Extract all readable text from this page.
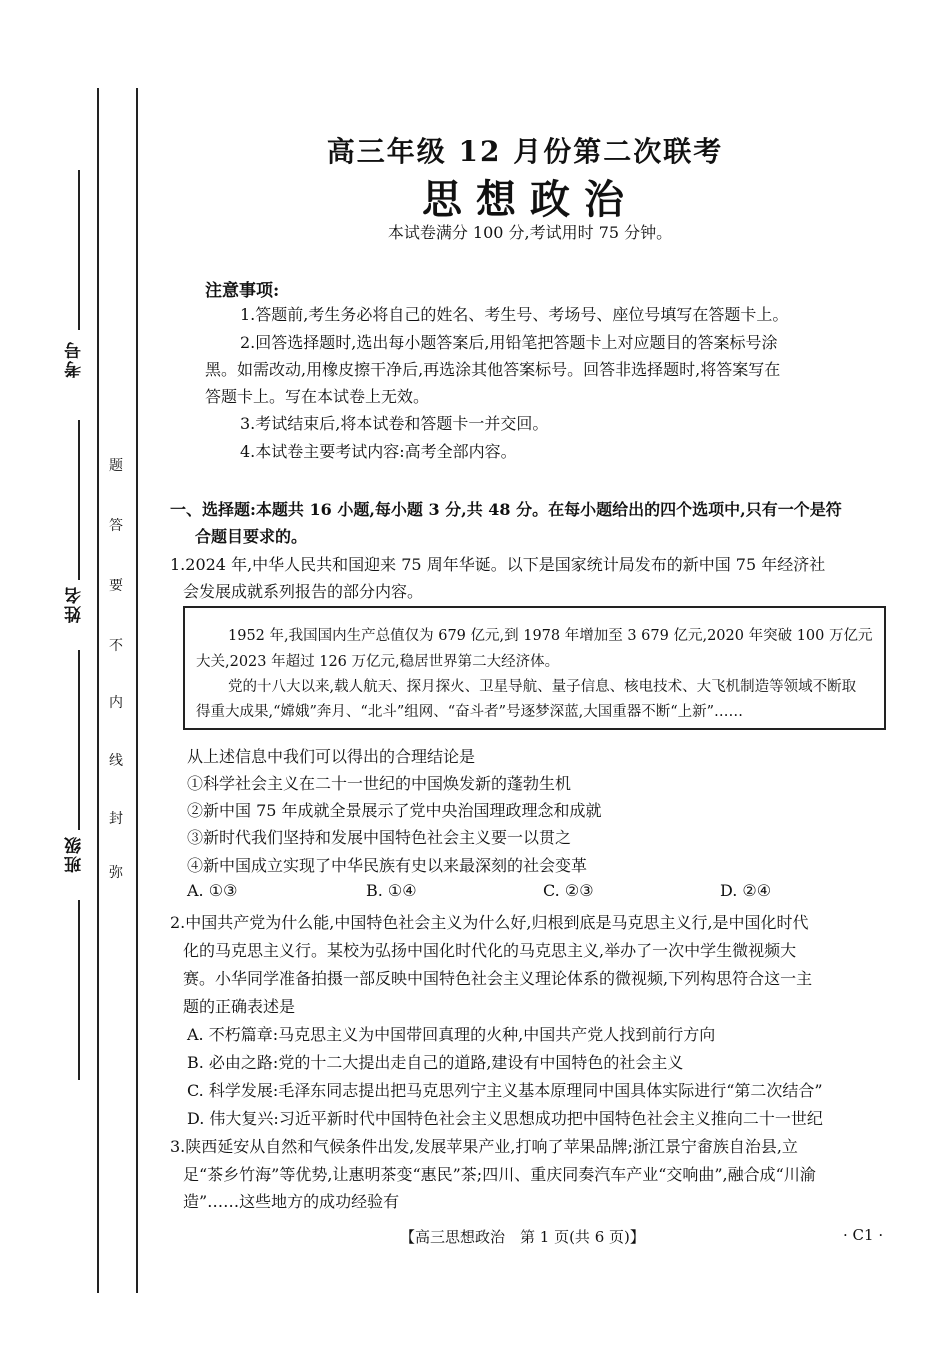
考号
姓名
班级
题
答
要
不
内
线
封
弥
高三年级 12 月份第二次联考
思想政治
本试卷满分 100 分,考试用时 75 分钟。
注意事项:
1.答题前,考生务必将自己的姓名、考生号、考场号、座位号填写在答题卡上。
2.回答选择题时,选出每小题答案后,用铅笔把答题卡上对应题目的答案标号涂
黑。如需改动,用橡皮擦干净后,再选涂其他答案标号。回答非选择题时,将答案写在
答题卡上。写在本试卷上无效。
3.考试结束后,将本试卷和答题卡一并交回。
4.本试卷主要考试内容:高考全部内容。
一、选择题:本题共 16 小题,每小题 3 分,共 48 分。在每小题给出的四个选项中,只有一个是符
合题目要求的。
1.2024 年,中华人民共和国迎来 75 周年华诞。以下是国家统计局发布的新中国 75 年经济社
会发展成就系列报告的部分内容。
1952 年,我国国内生产总值仅为 679 亿元,到 1978 年增加至 3 679 亿元,2020 年突破 100 万亿元
大关,2023 年超过 126 万亿元,稳居世界第二大经济体。
党的十八大以来,载人航天、探月探火、卫星导航、量子信息、核电技术、大飞机制造等领域不断取
得重大成果,“嫦娥”奔月、“北斗”组网、“奋斗者”号逐梦深蓝,大国重器不断“上新”……
从上述信息中我们可以得出的合理结论是
①科学社会主义在二十一世纪的中国焕发新的蓬勃生机
②新中国 75 年成就全景展示了党中央治国理政理念和成就
③新时代我们坚持和发展中国特色社会主义要一以贯之
④新中国成立实现了中华民族有史以来最深刻的社会变革
A. ①③	B. ①④	C. ②③	D. ②④
2.中国共产党为什么能,中国特色社会主义为什么好,归根到底是马克思主义行,是中国化时代
化的马克思主义行。某校为弘扬中国化时代化的马克思主义,举办了一次中学生微视频大
赛。小华同学准备拍摄一部反映中国特色社会主义理论体系的微视频,下列构思符合这一主
题的正确表述是
A. 不朽篇章:马克思主义为中国带回真理的火种,中国共产党人找到前行方向
B. 必由之路:党的十二大提出走自己的道路,建设有中国特色的社会主义
C. 科学发展:毛泽东同志提出把马克思列宁主义基本原理同中国具体实际进行“第二次结合”
D. 伟大复兴:习近平新时代中国特色社会主义思想成功把中国特色社会主义推向二十一世纪
3.陕西延安从自然和气候条件出发,发展苹果产业,打响了苹果品牌;浙江景宁畲族自治县,立
足“茶乡竹海”等优势,让惠明茶变“惠民”茶;四川、重庆同奏汽车产业“交响曲”,融合成“川渝
造”……这些地方的成功经验有
【高三思想政治　第 1 页(共 6 页)】	· C1 ·
